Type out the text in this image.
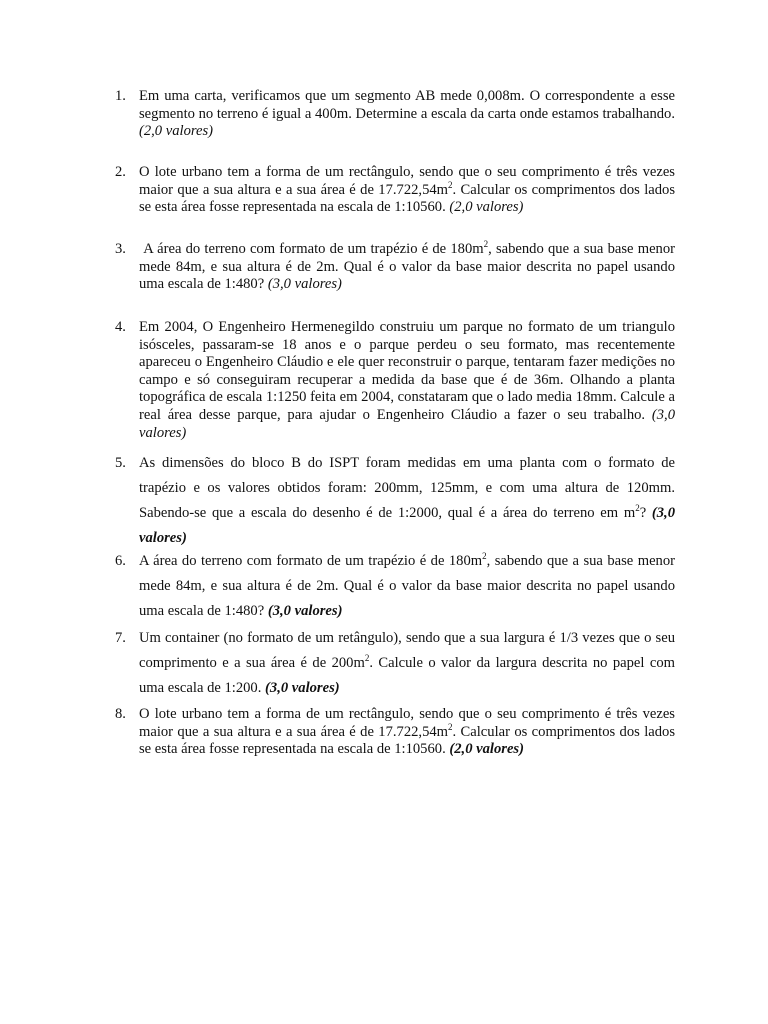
1. Em uma carta, verificamos que um segmento AB mede 0,008m. O correspondente a esse segmento no terreno é igual a 400m. Determine a escala da carta onde estamos trabalhando. (2,0 valores)
2. O lote urbano tem a forma de um rectângulo, sendo que o seu comprimento é três vezes maior que a sua altura e a sua área é de $17.722,54m^2$. Calcular os comprimentos dos lados se esta área fosse representada na escala de 1:10560. (2,0 valores)
3. A área do terreno com formato de um trapézio é de $180m^2$, sabendo que a sua base menor mede 84m, e sua altura é de 2m. Qual é o valor da base maior descrita no papel usando uma escala de 1:480? (3,0 valores)
4. Em 2004, O Engenheiro Hermenegildo construiu um parque no formato de um triangulo isósceles, passaram-se 18 anos e o parque perdeu o seu formato, mas recentemente apareceu o Engenheiro Cláudio e ele quer reconstruir o parque, tentaram fazer medições no campo e só conseguiram recuperar a medida da base que é de 36m. Olhando a planta topográfica de escala 1:1250 feita em 2004, constataram que o lado media 18mm. Calcule a real área desse parque, para ajudar o Engenheiro Cláudio a fazer o seu trabalho. (3,0 valores)
5. As dimensões do bloco B do ISPT foram medidas em uma planta com o formato de trapézio e os valores obtidos foram: 200mm, 125mm, e com uma altura de 120mm. Sabendo-se que a escala do desenho é de 1:2000, qual é a área do terreno em $m^2$? (3,0 valores)
6. A área do terreno com formato de um trapézio é de $180m^2$, sabendo que a sua base menor mede 84m, e sua altura é de 2m. Qual é o valor da base maior descrita no papel usando uma escala de 1:480? (3,0 valores)
7. Um container (no formato de um retângulo), sendo que a sua largura é 1/3 vezes que o seu comprimento e a sua área é de $200m^2$. Calcule o valor da largura descrita no papel com uma escala de 1:200. (3,0 valores)
8. O lote urbano tem a forma de um rectângulo, sendo que o seu comprimento é três vezes maior que a sua altura e a sua área é de $17.722,54m^2$. Calcular os comprimentos dos lados se esta área fosse representada na escala de 1:10560. (2,0 valores)
